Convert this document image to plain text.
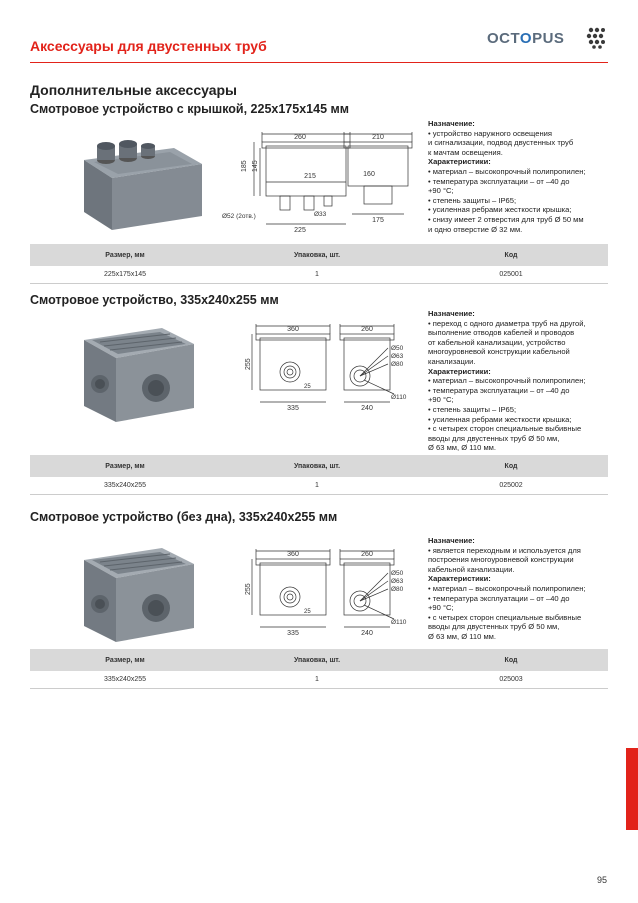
Аксессуары для двустенных труб	OCTOPUS
Дополнительные аксессуары
Смотровое устройство с крышкой, 225x175x145 мм
260	210
185 145
215	160
Ø52 (2отв.)	Ø33
225
175
Назначение:
• устройство наружного освещения
и сигнализации, подвод двустенных труб
к мачтам освещения.
Характеристики:
• материал – высокопрочный полипропилен;
• температура эксплуатации – от –40 до
+90 °С;
• степень защиты – IP65;
• усиленная ребрами жесткости крышка;
• снизу имеет 2 отверстия для труб Ø 50 мм
и одно отверстие Ø 32 мм.
Размер, мм	Упаковка, шт.	Код
225x175x145	1	025001
Смотровое устройство, 335x240x255 мм
360	260
255
25
335	240
Ø50
Ø63
Ø80
Ø110
Назначение:
• переход с одного диаметра труб на другой,
выполнение отводов кабелей и проводов
от кабельной канализации, устройство
многоуровневой конструкции кабельной
канализации.
Характеристики:
• материал – высокопрочный полипропилен;
• температура эксплуатации – от –40 до
+90 °С;
• степень защиты – IP65;
• усиленная ребрами жесткости крышка;
• с четырех сторон специальные выбивные
вводы для двустенных труб Ø 50 мм,
Ø 63 мм, Ø 110 мм.
Размер, мм	Упаковка, шт.	Код
335x240x255	1	025002
Смотровое устройство (без дна), 335x240x255 мм
360	260
255
25
335	240
Ø50
Ø63
Ø80
Ø110
Назначение:
• является переходным и используется для
построения многоуровневой конструкции
кабельной канализации.
Характеристики:
• материал – высокопрочный полипропилен;
• температура эксплуатации – от –40 до
+90 °С;
• с четырех сторон специальные выбивные
вводы для двустенных труб Ø 50 мм,
Ø 63 мм, Ø 110 мм.
Размер, мм	Упаковка, шт.	Код
335x240x255	1	025003
95
